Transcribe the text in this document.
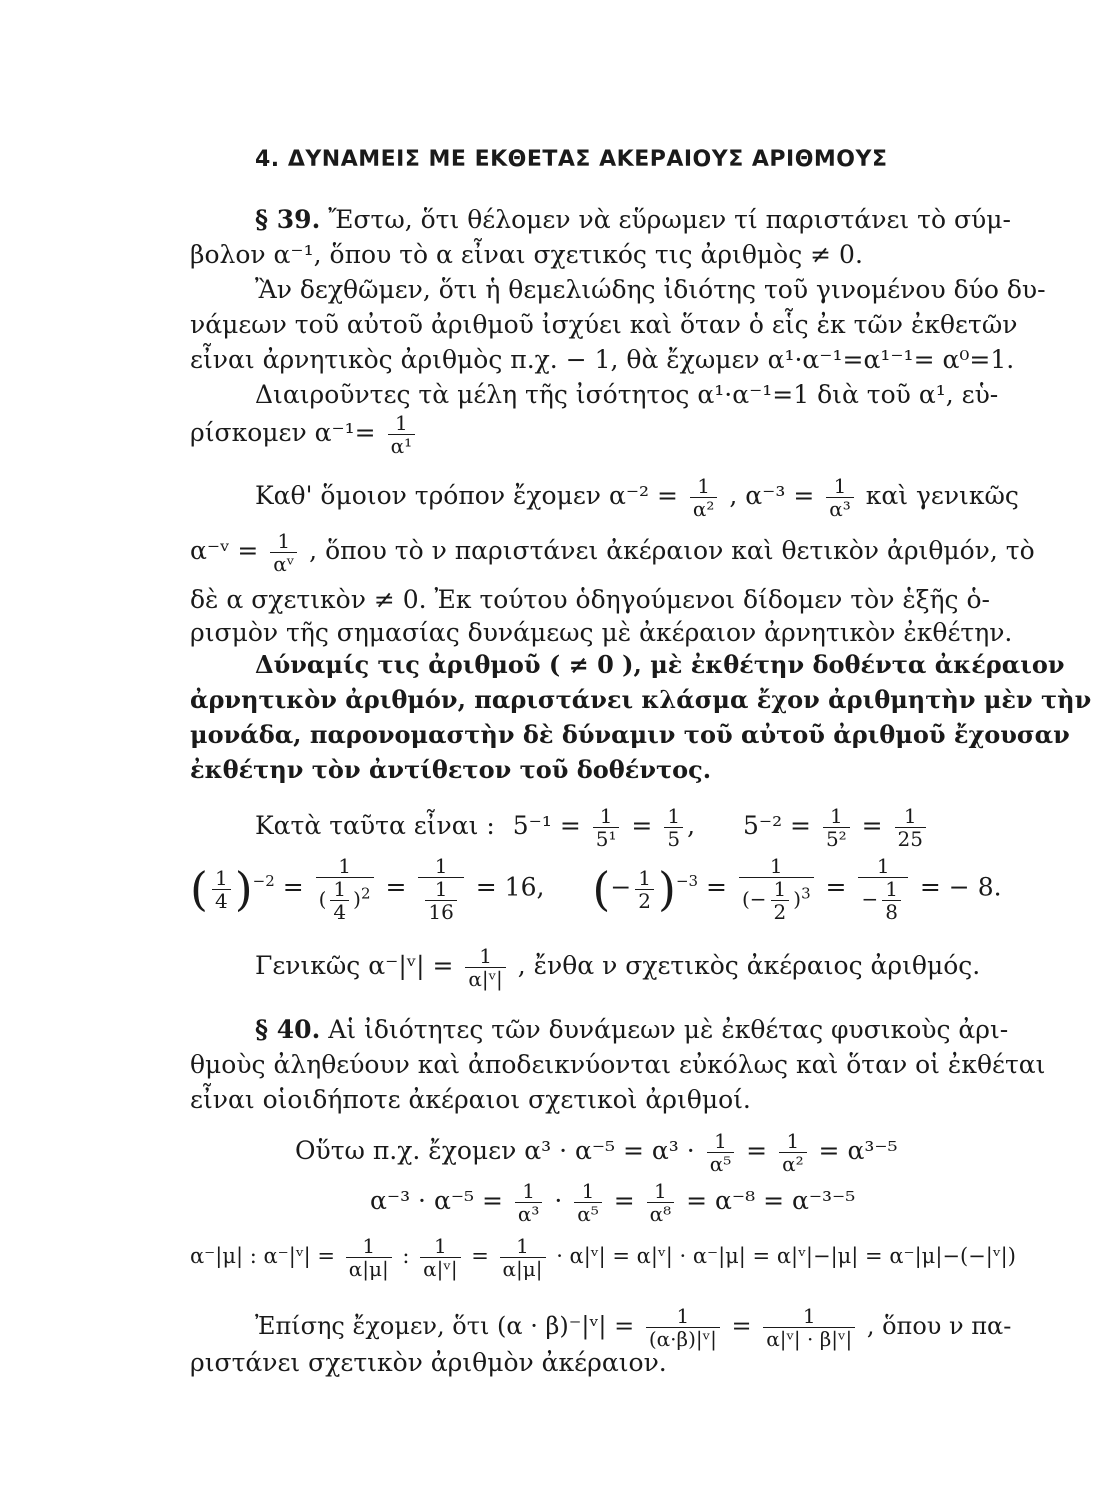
4. ΔΥΝΑΜΕΙΣ ΜΕ ΕΚΘΕΤΑΣ ΑΚΕΡΑΙΟΥΣ ΑΡΙΘΜΟΥΣ
§ 39. Ἔστω, ὅτι θέλομεν νὰ εὕρωμεν τί παριστάνει τὸ σύμ-
βολον α⁻¹, ὅπου τὸ α εἶναι σχετικός τις ἀριθμὸς ≠ 0.
Ἂν δεχθῶμεν, ὅτι ἡ θεμελιώδης ἰδιότης τοῦ γινομένου δύο δυ-
νάμεων τοῦ αὐτοῦ ἀριθμοῦ ἰσχύει καὶ ὅταν ὁ εἷς ἐκ τῶν ἐκθετῶν
εἶναι ἀρνητικὸς ἀριθμὸς π.χ. − 1, θὰ ἔχωμεν α¹·α⁻¹=α¹⁻¹= α⁰=1.
Διαιροῦντες τὰ μέλη τῆς ἰσότητος α¹·α⁻¹=1 διὰ τοῦ α¹, εὑ-
ρίσκομεν $\alpha^{-1}= \frac{1}{\text{α¹}}$
Καθ' ὅμοιον τρόπον ἔχομεν $\alpha^{-2} = \frac{1}{\text{α²}}$ , $\alpha^{-3} = \frac{1}{\text{α³}}$ καὶ γενικῶς
α⁻ᵛ = $\frac{1}{\text{αᵛ}}$ , ὅπου τὸ ν παριστάνει ἀκέραιον καὶ θετικὸν ἀριθμόν, τὸ
δὲ α σχετικὸν ≠ 0. Ἐκ τούτου ὁδηγούμενοι δίδομεν τὸν ἑξῆς ὁ-
ρισμὸν τῆς σημασίας δυνάμεως μὲ ἀκέραιον ἀρνητικὸν ἐκθέτην.
Δύναμίς τις ἀριθμοῦ ( ≠ 0 ), μὲ ἐκθέτην δοθέντα ἀκέραιον
ἀρνητικὸν ἀριθμόν, παριστάνει κλάσμα ἔχον ἀριθμητὴν μὲν τὴν
μονάδα, παρονομαστὴν δὲ δύναμιν τοῦ αὐτοῦ ἀριθμοῦ ἔχουσαν
ἐκθέτην τὸν ἀντίθετον τοῦ δοθέντος.
Κατὰ ταῦτα εἶναι : $5^{-1} = \frac{1}{\text{5¹}} = \frac{1}{5}$ , $5^{-2} = \frac{1}{\text{5²}} = \frac{1}{25}$
( $\frac{1}{4} )^{-2} = \frac{1}{( \frac{1}{4} )^2} = \frac{1}{\frac{1}{16}} = 16$, (− $\frac{1}{2} )^{-3} = \frac{1}{(- \frac{1}{2} )^3} = \frac{1}{- \frac{1}{8}}$ = − 8.
Γενικῶς α⁻|ᵛ| = $\frac{1}{\text{α|ᵛ|}}$ , ἔνθα ν σχετικὸς ἀκέραιος ἀριθμός.
§ 40. Αἱ ἰδιότητες τῶν δυνάμεων μὲ ἐκθέτας φυσικοὺς ἀρι-
θμοὺς ἀληθεύουν καὶ ἀποδεικνύονται εὐκόλως καὶ ὅταν οἱ ἐκθέται
εἶναι οἱοιδήποτε ἀκέραιοι σχετικοὶ ἀριθμοί.
Οὕτω π.χ. ἔχομεν $\alpha^3 \cdot \alpha^{-5} = \alpha^3 \cdot \frac{1}{\text{α⁵}} = \frac{1}{\text{α²}} = \alpha^{3-5}$
$\alpha^{-3} \cdot \alpha^{-5} = \frac{1}{\text{α³}} \cdot \frac{1}{\text{α⁵}} = \frac{1}{\text{α⁸}} = \alpha^{-8} = \alpha^{-3-5}$
α⁻|μ| : α⁻|ᵛ| = $\frac{1}{\alpha|\mu|}$ : $\frac{1}{\text{α|ᵛ|}} = \frac{1}{\alpha|\mu|}$ · α|ᵛ| = α|ᵛ| · α⁻|μ| = α|ᵛ|−|μ| = α⁻|μ|−(−|ᵛ|)
Ἐπίσης ἔχομεν, ὅτι (α · β)⁻|ᵛ| = $\frac{1}{\text{(α·β)|ᵛ|}} = \frac{1}{\text{α|ᵛ| · β|ᵛ|}}$ , ὅπου ν πα-
ριστάνει σχετικὸν ἀριθμὸν ἀκέραιον.
